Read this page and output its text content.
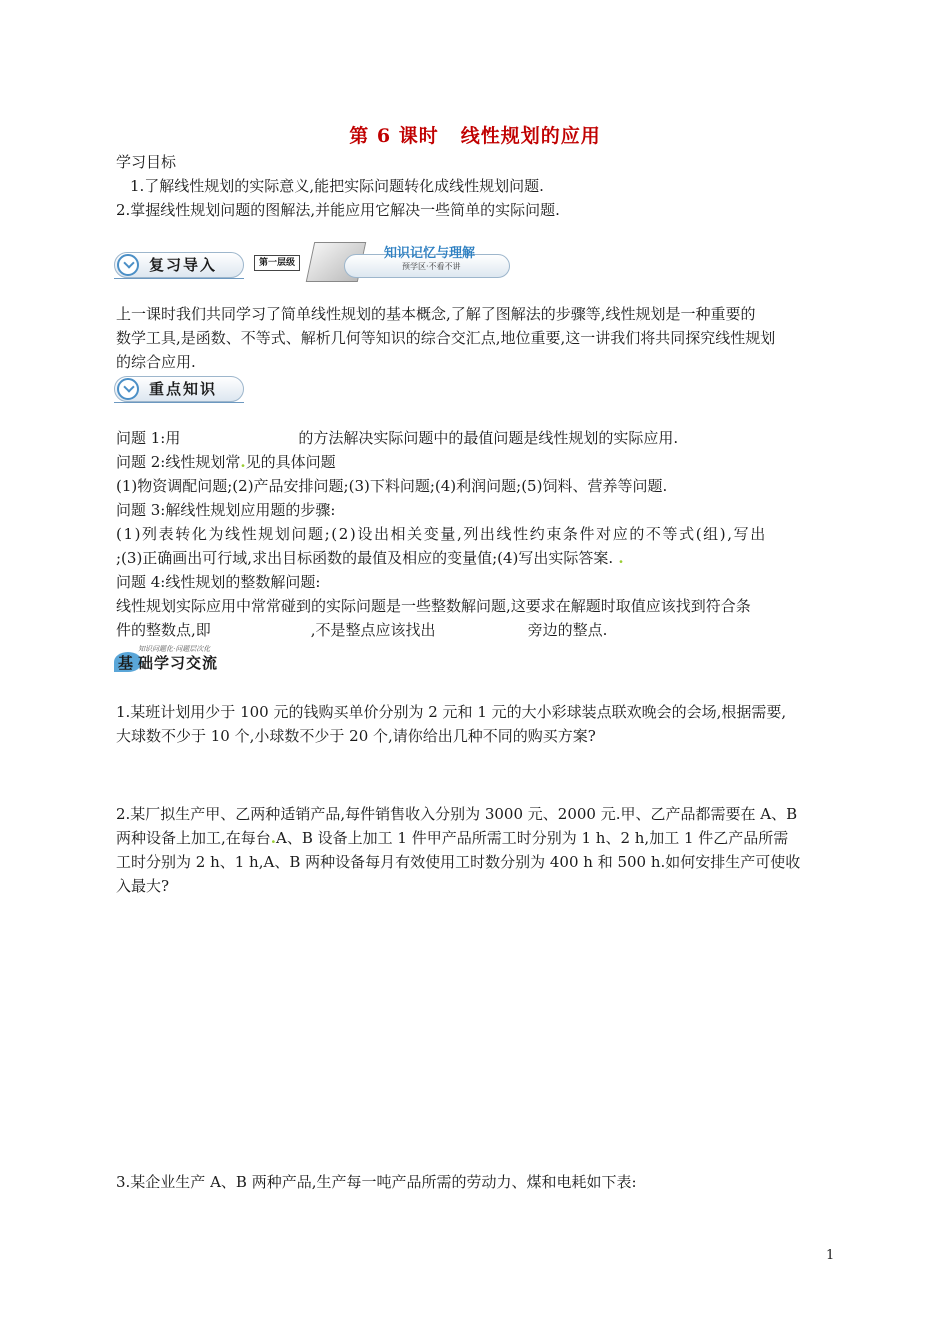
第 6 课时 线性规划的应用
学习目标
1.了解线性规划的实际意义,能把实际问题转化成线性规划问题.
2.掌握线性规划问题的图解法,并能应用它解决一些简单的实际问题.
复习导入	第一层级
知识记忆与理解
预学区·不看不讲
上一课时我们共同学习了简单线性规划的基本概念,了解了图解法的步骤等,线性规划是一种重要的
数学工具,是函数、不等式、解析几何等知识的综合交汇点,地位重要,这一讲我们将共同探究线性规划
的综合应用.
重点知识
问题 1:用	的方法解决实际问题中的最值问题是线性规划的实际应用.
问题 2:线性规划常.见的具体问题
(1)物资调配问题;(2)产品安排问题;(3)下料问题;(4)利润问题;(5)饲料、营养等问题.
问题 3:解线性规划应用题的步骤:
(1)列表转化为线性规划问题;(2)设出相关变量,列出线性约束条件对应的不等式(组),写出
;(3)正确画出可行域,求出目标函数的最值及相应的变量值;(4)写出实际答案. .
问题 4:线性规划的整数解问题:
线性规划实际应用中常常碰到的实际问题是一些整数解问题,这要求在解题时取值应该找到符合条
件的整数点,即	,不是整点应该找出	旁边的整点.
基 础学习交流
知识问题化·问题层次化
1.某班计划用少于 100 元的钱购买单价分别为 2 元和 1 元的大小彩球装点联欢晚会的会场,根据需要,
大球数不少于 10 个,小球数不少于 20 个,请你给出几种不同的购买方案?
2.某厂拟生产甲、乙两种适销产品,每件销售收入分别为 3000 元、2000 元.甲、乙产品都需要在 A、B
两种设备上加工,在每台.A、B 设备上加工 1 件甲产品所需工时分别为 1 h、2 h,加工 1 件乙产品所需
工时分别为 2 h、1 h,A、B 两种设备每月有效使用工时数分别为 400 h 和 500 h.如何安排生产可使收
入最大?
3.某企业生产 A、B 两种产品,生产每一吨产品所需的劳动力、煤和电耗如下表:
1
